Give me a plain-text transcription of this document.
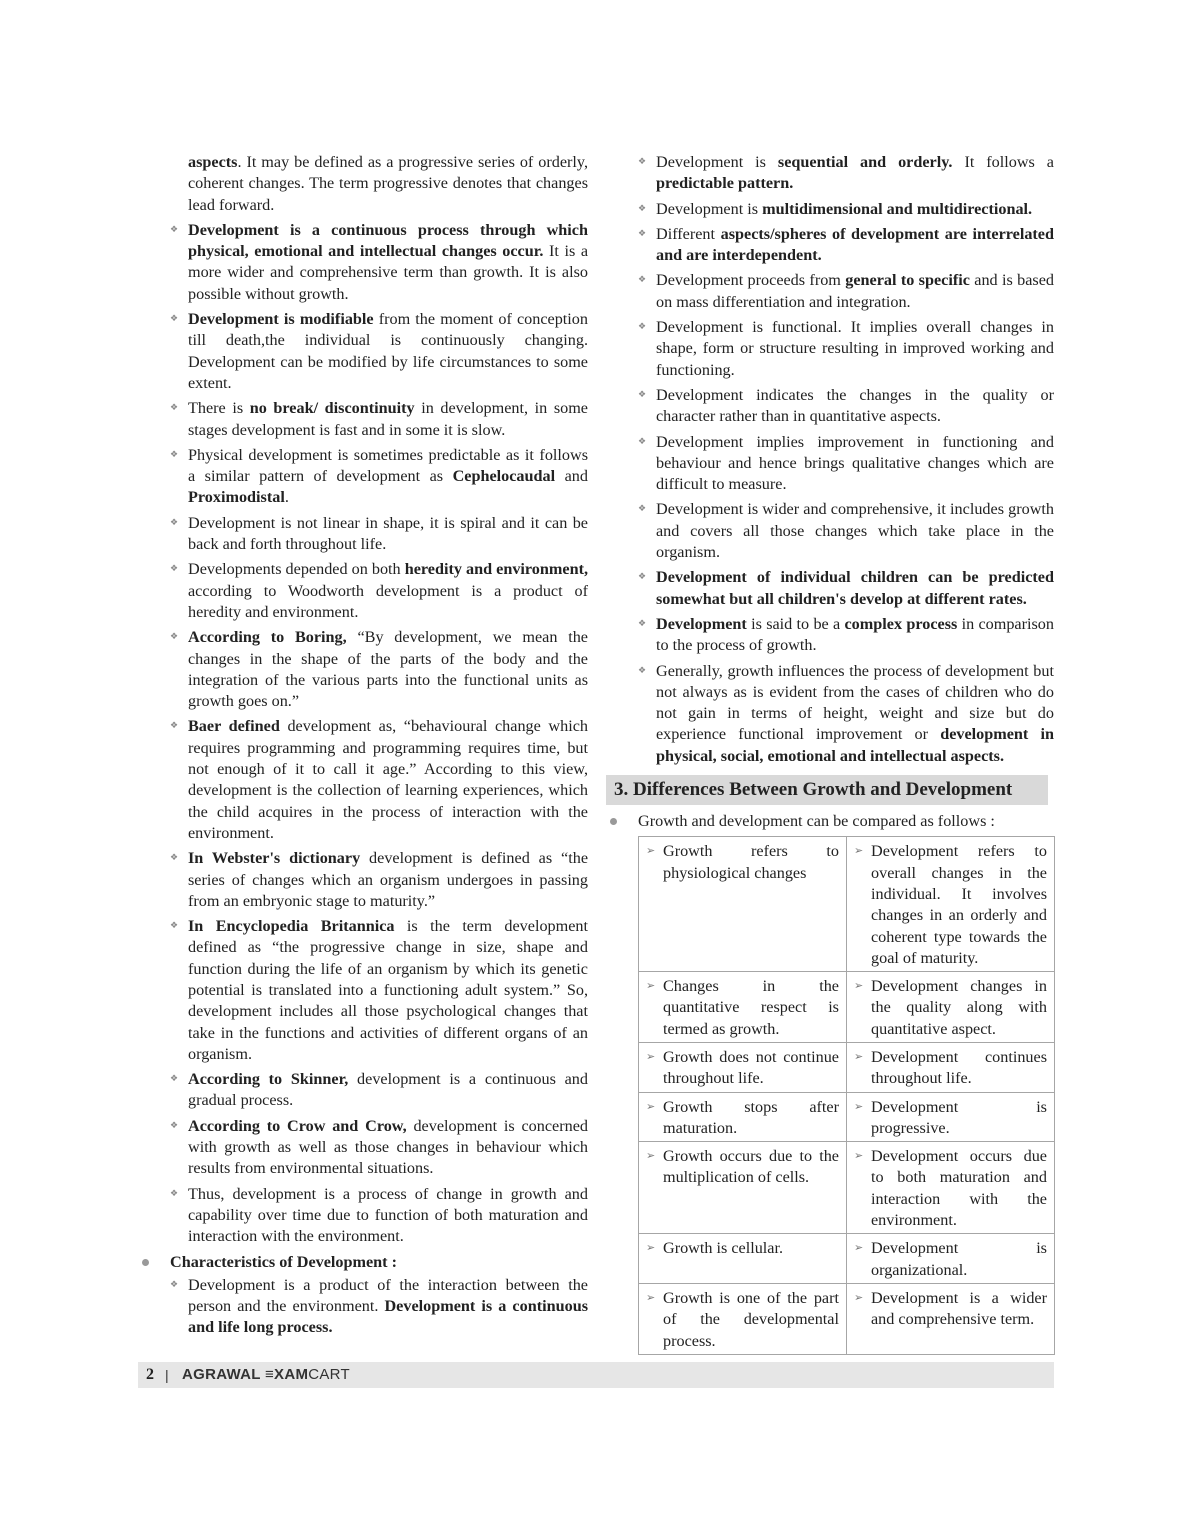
aspects. It may be defined as a progressive series of orderly, coherent changes. The term progressive denotes that changes lead forward.

❖ Development is a continuous process through which physical, emotional and intellectual changes occur. It is a more wider and comprehensive term than growth. It is also possible without growth.

❖ Development is modifiable from the moment of conception till death,the individual is continuously changing. Development can be modified by life circumstances to some extent.

❖ There is no break/ discontinuity in development, in some stages development is fast and in some it is slow.

❖ Physical development is sometimes predictable as it follows a similar pattern of development as Cephelocaudal and Proximodistal.

❖ Development is not linear in shape, it is spiral and it can be back and forth throughout life.

❖ Developments depended on both heredity and environment, according to Woodworth development is a product of heredity and environment.

❖ According to Boring, “By development, we mean the changes in the shape of the parts of the body and the integration of the various parts into the functional units as growth goes on.”

❖ Baer defined development as, “behavioural change which requires programming and programming requires time, but not enough of it to call it age.” According to this view, development is the collection of learning experiences, which the child acquires in the process of interaction with the environment.

❖ In Webster's dictionary development is defined as “the series of changes which an organism undergoes in passing from an embryonic stage to maturity.”

❖ In Encyclopedia Britannica is the term development defined as “the progressive change in size, shape and function during the life of an organism by which its genetic potential is translated into a functioning adult system.” So, development includes all those psychological changes that take in the functions and activities of different organs of an organism.

❖ According to Skinner, development is a continuous and gradual process.

❖ According to Crow and Crow, development is concerned with growth as well as those changes in behaviour which results from environmental situations.

❖ Thus, development is a process of change in growth and capability over time due to function of both maturation and interaction with the environment.

Characteristics of Development :
❖ Development is a product of the interaction between the person and the environment. Development is a continuous and life long process.

❖ Development is sequential and orderly. It follows a predictable pattern.

❖ Development is multidimensional and multidirectional.

❖ Different aspects/spheres of development are interrelated and are interdependent.

❖ Development proceeds from general to specific and is based on mass differentiation and integration.

❖ Development is functional. It implies overall changes in shape, form or structure resulting in improved working and functioning.

❖ Development indicates the changes in the quality or character rather than in quantitative aspects.

❖ Development implies improvement in functioning and behaviour and hence brings qualitative changes which are difficult to measure.

❖ Development is wider and comprehensive, it includes growth and covers all those changes which take place in the organism.

❖ Development of individual children can be predicted somewhat but all children's develop at different rates.

❖ Development is said to be a complex process in comparison to the process of growth.

❖ Generally, growth influences the process of development but not always as is evident from the cases of children who do not gain in terms of height, weight and size but do experience functional improvement or development in physical, social, emotional and intellectual aspects.

3. Differences Between Growth and Development
Growth and development can be compared as follows :
➢ Growth refers to physiological changes	➢ Development refers to overall changes in the individual. It involves changes in an orderly and coherent type towards the goal of maturity.

➢ Changes in the quantitative respect is termed as growth.	➢ Development changes in the quality along with quantitative aspect.

➢ Growth does not continue throughout life.	➢ Development continues throughout life.

➢ Growth stops after maturation.	➢ Development is progressive.

➢ Growth occurs due to the multiplication of cells.	➢ Development occurs due to both maturation and interaction with the environment.

➢ Growth is cellular.	➢ Development is organizational.

➢ Growth is one of the part of the developmental process.	➢ Development is a wider and comprehensive term.
2 | AGRAWAL ≡XAMCART
